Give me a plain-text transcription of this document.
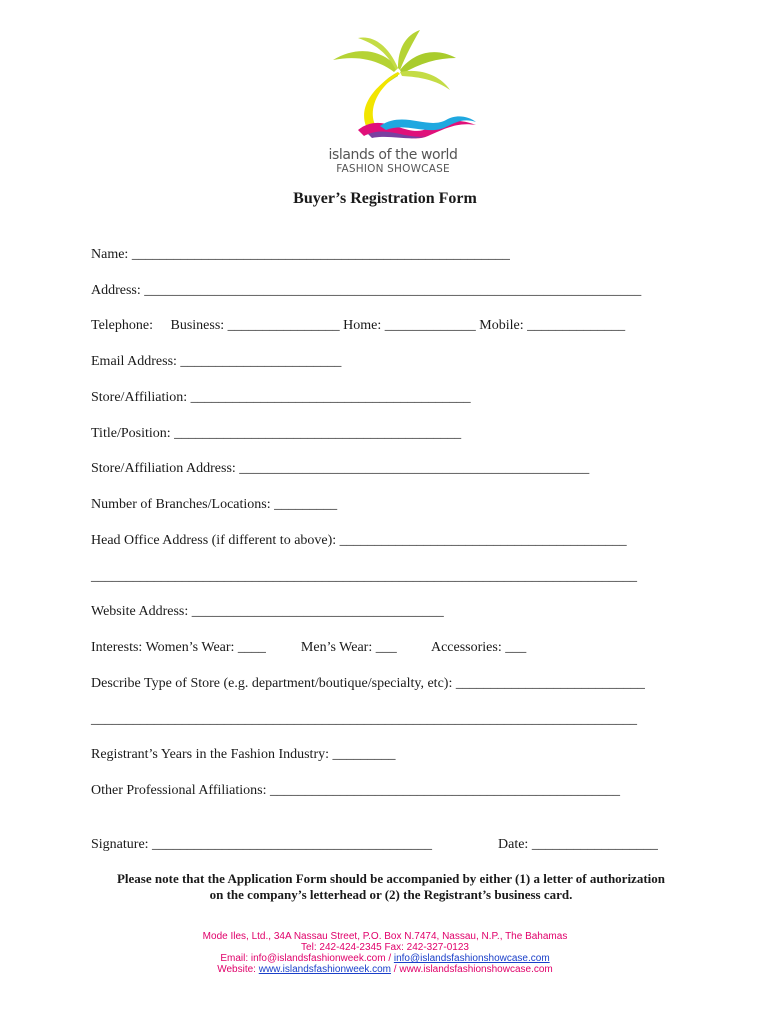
islands of the world
FASHION SHOWCASE
Buyer’s Registration Form
Name: ______________________________________________________
Address: _______________________________________________________________________
Telephone:     Business: ________________ Home: _____________ Mobile: ______________
Email Address: _______________________
Store/Affiliation: ________________________________________
Title/Position: _________________________________________
Store/Affiliation Address: __________________________________________________
Number of Branches/Locations: _________
Head Office Address (if different to above): _________________________________________
______________________________________________________________________________
Website Address: ____________________________________
Interests: Women’s Wear: ____          Men’s Wear: ___          Accessories: ___
Describe Type of Store (e.g. department/boutique/specialty, etc): ___________________________
______________________________________________________________________________
Registrant’s Years in the Fashion Industry: _________
Other Professional Affiliations: __________________________________________________
Signature: ________________________________________	Date: __________________
Please note that the Application Form should be accompanied by either (1) a letter of authorization
on the company’s letterhead or (2) the Registrant’s business card.
Mode Iles, Ltd., 34A Nassau Street, P.O. Box N.7474, Nassau, N.P., The Bahamas
Tel: 242-424-2345 Fax: 242-327-0123
Email: info@islandsfashionweek.com / info@islandsfashionshowcase.com
Website: www.islandsfashionweek.com / www.islandsfashionshowcase.com
